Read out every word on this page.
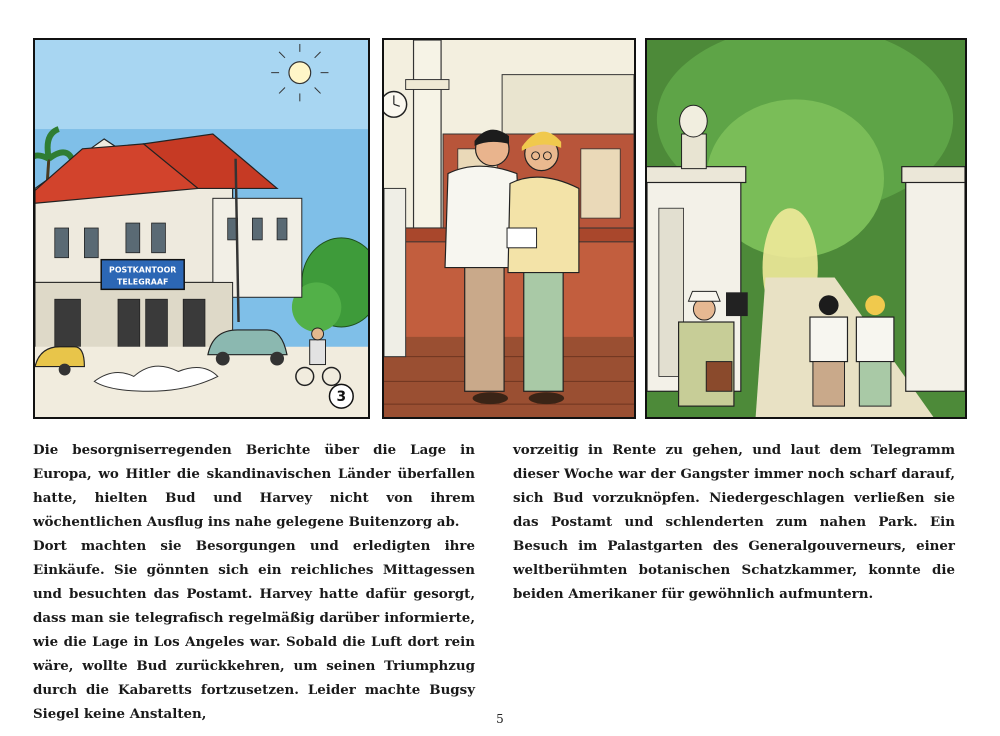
POSTKANTOOR
TELEGRAAF
3

Die besorgniserregenden Berichte über die Lage in Europa, wo Hitler die skandinavischen Länder überfallen hatte, hielten Bud und Harvey nicht von ihrem wöchentlichen Ausflug ins nahe gelegene Buitenzorg ab.

Dort machten sie Besorgungen und erledigten ihre Einkäufe. Sie gönnten sich ein reichliches Mittagessen und besuchten das Postamt. Harvey hatte dafür gesorgt, dass man sie telegrafisch regelmäßig darüber informierte, wie die Lage in Los Angeles war. Sobald die Luft dort rein wäre, wollte Bud zurückkehren, um seinen Triumphzug durch die Kabaretts fortzusetzen. Leider machte Bugsy Siegel keine Anstalten,

vorzeitig in Rente zu gehen, und laut dem Telegramm dieser Woche war der Gangster immer noch scharf darauf, sich Bud vorzuknöpfen. Niedergeschlagen verließen sie das Postamt und schlenderten zum nahen Park. Ein Besuch im Palastgarten des Generalgouverneurs, einer weltberühmten botanischen Schatzkammer, konnte die beiden Amerikaner für gewöhnlich aufmuntern.

5
